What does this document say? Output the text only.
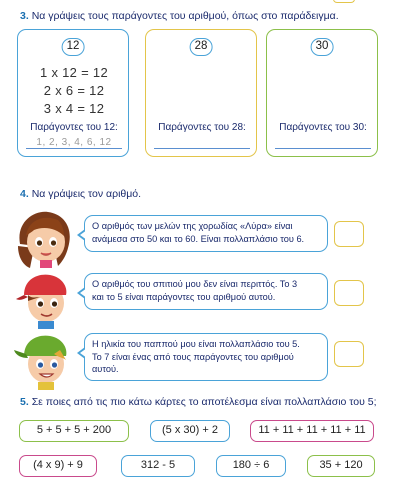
3. Να γράψεις τους παράγοντες του αριθμού, όπως στο παράδειγμα.
12
1 x 12 = 12
2 x 6 = 12
3 x 4 = 12
Παράγοντες του 12:
1, 2, 3, 4, 6, 12
28
Παράγοντες του 28:
30
Παράγοντες του 30:
4. Να γράψεις τον αριθμό.
Ο αριθμός των μελών της χορωδίας «Λύρα» είναι
ανάμεσα στο 50 και το 60. Είναι πολλαπλάσιο του 6.
Ο αριθμός του σπιτιού μου δεν είναι περιττός. Το 3
και το 5 είναι παράγοντες του αριθμού αυτού.
Η ηλικία του παππού μου είναι πολλαπλάσιο του 5.
Το 7 είναι ένας από τους παράγοντες του αριθμού
αυτού.
5. Σε ποιες από τις πιο κάτω κάρτες το αποτέλεσμα είναι πολλαπλάσιο του 5;
5 + 5 + 5 + 200	(5 x 30) + 2	11 + 11 + 11 + 11 + 11
(4 x 9) + 9	312 - 5	180 ÷ 6	35 + 120
